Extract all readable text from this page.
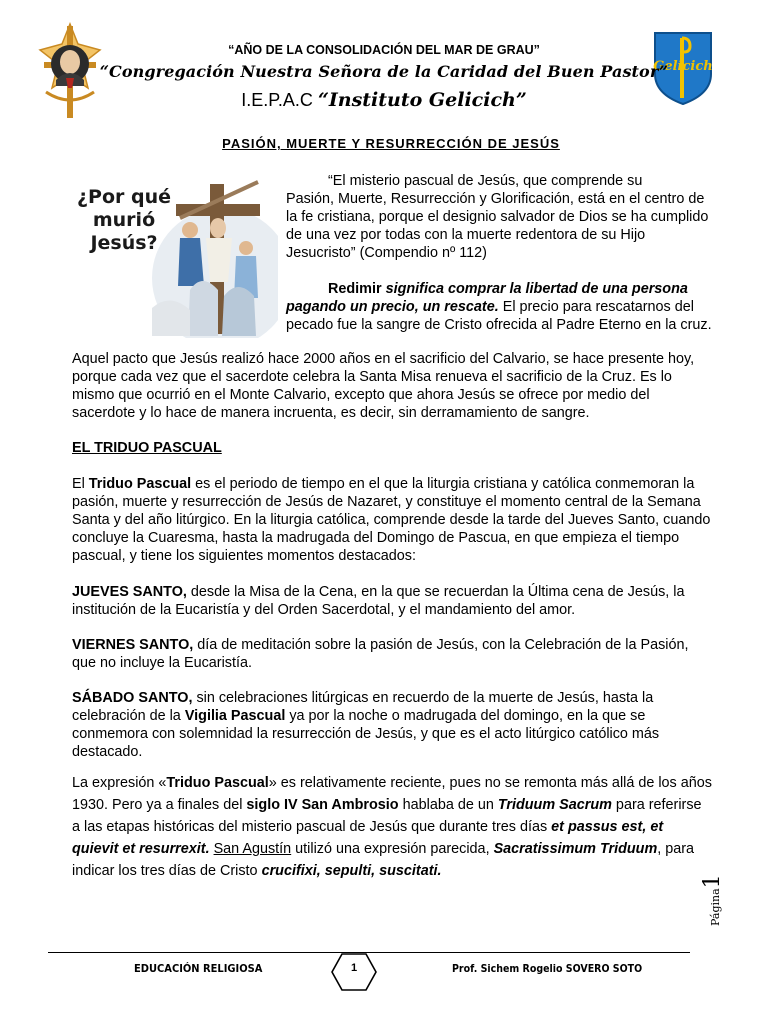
Gelicich
“AÑO DE LA CONSOLIDACIÓN DEL MAR DE GRAU”
“Congregación Nuestra Señora de la Caridad del Buen Pastor”
I.E.P.A.C “Instituto Gelicich”
PASIÓN, MUERTE Y RESURRECCIÓN DE JESÚS
¿Por qué
murió
Jesús?
“El misterio pascual de Jesús, que comprende su
Pasión, Muerte, Resurrección y Glorificación, está en el centro de la fe cristiana, porque el designio salvador de Dios se ha cumplido de una vez por todas con la muerte redentora de su Hijo Jesucristo” (Compendio nº 112)
Redimir significa comprar la libertad de una persona pagando un precio, un rescate. El precio para rescatarnos del pecado fue la sangre de Cristo ofrecida al Padre Eterno en la cruz.
Aquel pacto que Jesús realizó hace 2000 años en el sacrificio del Calvario, se hace presente hoy, porque cada vez que el sacerdote celebra la Santa Misa renueva el sacrificio de la Cruz. Es lo mismo que ocurrió en el Monte Calvario, excepto que ahora Jesús se ofrece por medio del sacerdote y lo hace de manera incruenta, es decir, sin derramamiento de sangre.
EL TRIDUO PASCUAL
El Triduo Pascual es el periodo de tiempo en el que la liturgia cristiana y católica conmemoran la pasión, muerte y resurrección de Jesús de Nazaret, y constituye el momento central de la Semana Santa y del año litúrgico. En la liturgia católica, comprende desde la tarde del Jueves Santo, cuando concluye la Cuaresma, hasta la madrugada del Domingo de Pascua, en que empieza el tiempo pascual, y tiene los siguientes momentos destacados:
JUEVES SANTO, desde la Misa de la Cena, en la que se recuerdan la Última cena de Jesús, la institución de la Eucaristía y del Orden Sacerdotal, y el mandamiento del amor.
VIERNES SANTO, día de meditación sobre la pasión de Jesús, con la Celebración de la Pasión, que no incluye la Eucaristía.
SÁBADO SANTO, sin celebraciones litúrgicas en recuerdo de la muerte de Jesús, hasta la celebración de la Vigilia Pascual ya por la noche o madrugada del domingo, en la que se conmemora con solemnidad la resurrección de Jesús, y que es el acto litúrgico católico más destacado.
La expresión «Triduo Pascual» es relativamente reciente, pues no se remonta más allá de los años 1930. Pero ya a finales del siglo IV San Ambrosio hablaba de un Triduum Sacrum para referirse a las etapas históricas del misterio pascual de Jesús que durante tres días et passus est, et quievit et resurrexit. San Agustín utilizó una expresión parecida, Sacratissimum Triduum, para indicar los tres días de Cristo crucifixi, sepulti, suscitati.
Página1
EDUCACIÓN RELIGIOSA	1	Prof. Sichem Rogelio SOVERO SOTO
